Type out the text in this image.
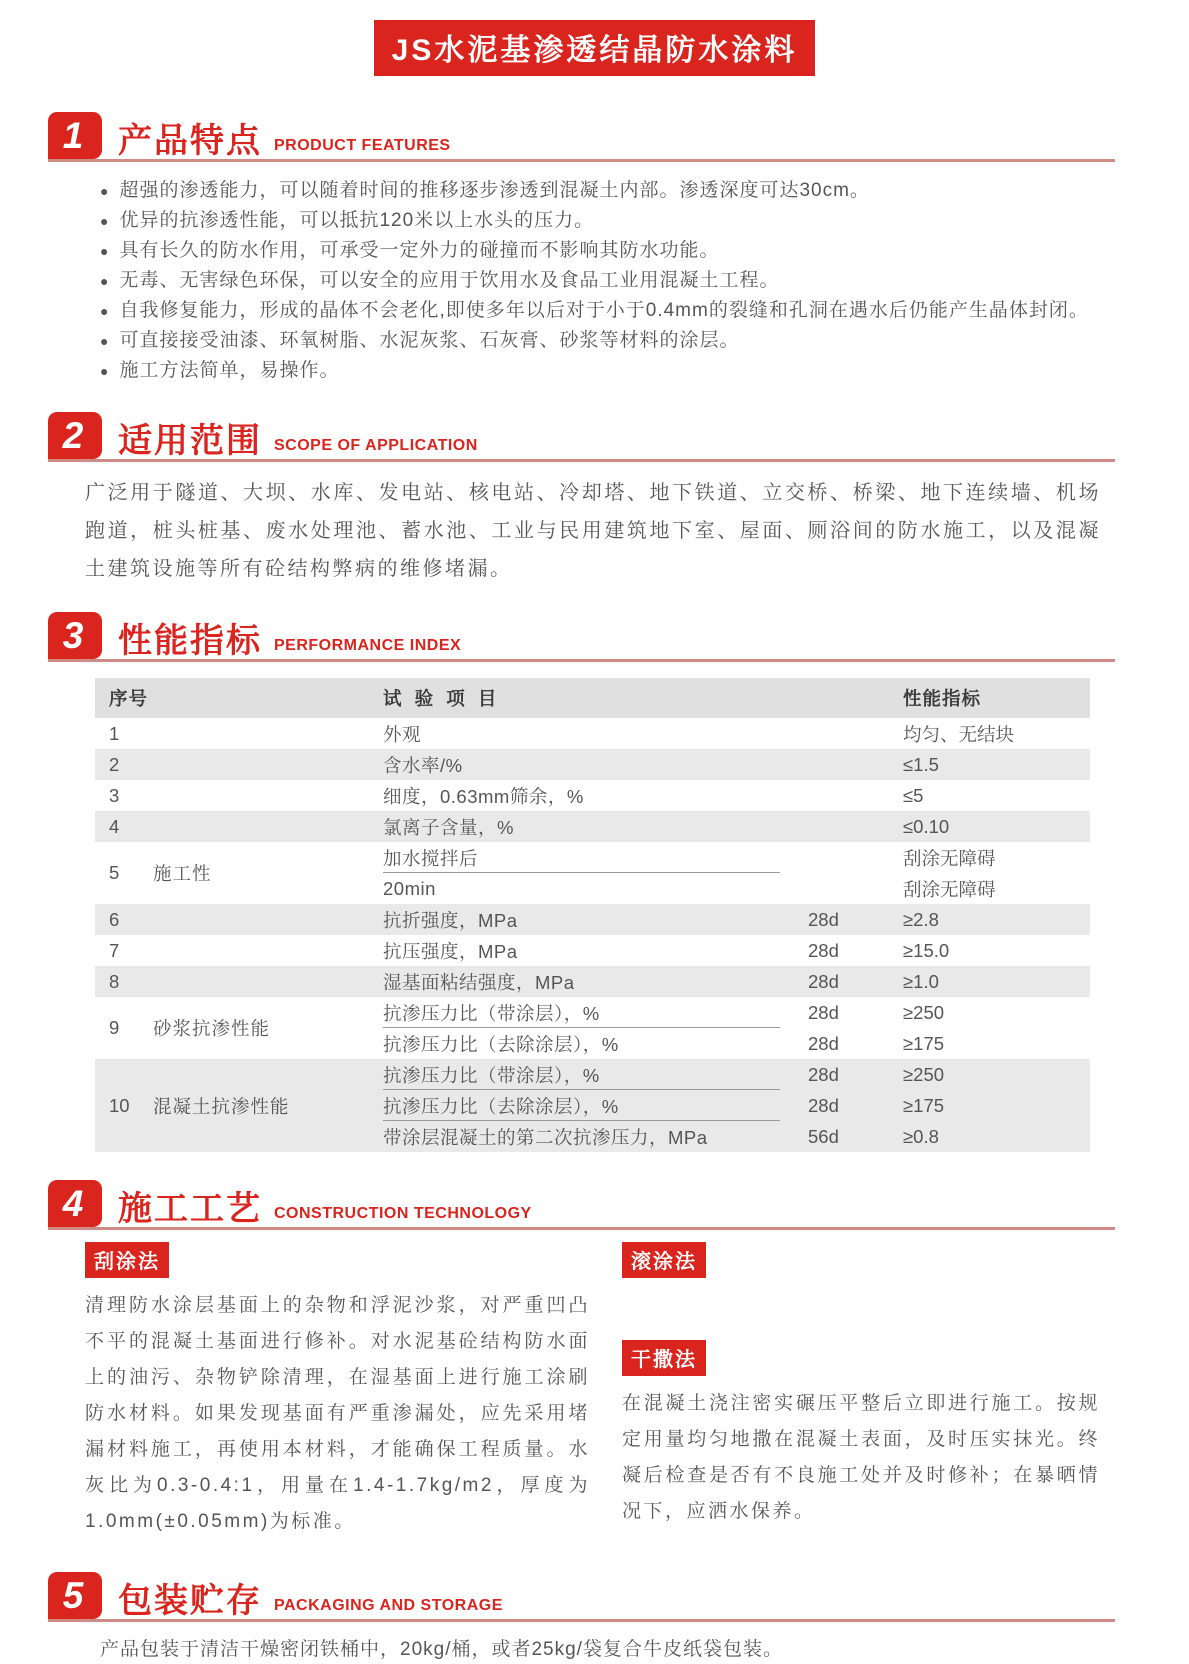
JS水泥基渗透结晶防水涂料
1	产品特点 PRODUCT FEATURES
● 超强的渗透能力，可以随着时间的推移逐步渗透到混凝土内部。渗透深度可达30cm。
● 优异的抗渗透性能，可以抵抗120米以上水头的压力。
● 具有长久的防水作用，可承受一定外力的碰撞而不影响其防水功能。
● 无毒、无害绿色环保，可以安全的应用于饮用水及食品工业用混凝土工程。
● 自我修复能力，形成的晶体不会老化,即使多年以后对于小于0.4mm的裂缝和孔洞在遇水后仍能产生晶体封闭。
● 可直接接受油漆、环氧树脂、水泥灰浆、石灰膏、砂浆等材料的涂层。
● 施工方法简单，易操作。
2	适用范围 SCOPE OF APPLICATION
广泛用于隧道、大坝、水库、发电站、核电站、冷却塔、地下铁道、立交桥、桥梁、地下连续墙、机场跑道，桩头桩基、废水处理池、蓄水池、工业与民用建筑地下室、屋面、厕浴间的防水施工，以及混凝土建筑设施等所有砼结构弊病的维修堵漏。
3	性能指标 PERFORMANCE INDEX
序号	试 验 项 目	性能指标
1	外观	均匀、无结块
2	含水率/%	≤1.5
3	细度，0.63mm筛余，%	≤5
4	氯离子含量，%	≤0.10
5	施工性
加水搅拌后	刮涂无障碍
20min	刮涂无障碍
6	抗折强度，MPa	28d	≥2.8
7	抗压强度，MPa	28d	≥15.0
8	湿基面粘结强度，MPa	28d	≥1.0
9	砂浆抗渗性能
抗渗压力比（带涂层），%	28d	≥250
抗渗压力比（去除涂层），%	28d	≥175
10	混凝土抗渗性能
抗渗压力比（带涂层），%	28d	≥250
抗渗压力比（去除涂层），%	28d	≥175
带涂层混凝土的第二次抗渗压力，MPa	56d	≥0.8
4	施工工艺 CONSTRUCTION TECHNOLOGY
刮涂法
清理防水涂层基面上的杂物和浮泥沙浆，对严重凹凸不平的混凝土基面进行修补。对水泥基砼结构防水面上的油污、杂物铲除清理，在湿基面上进行施工涂刷防水材料。如果发现基面有严重渗漏处，应先采用堵漏材料施工，再使用本材料，才能确保工程质量。水灰比为0.3-0.4:1，用量在1.4-1.7kg/m2，厚度为1.0mm(±0.05mm)为标准。
滚涂法
干撒法
在混凝土浇注密实碾压平整后立即进行施工。按规定用量均匀地撒在混凝土表面，及时压实抹光。终凝后检查是否有不良施工处并及时修补；在暴晒情况下，应洒水保养。
5	包装贮存 PACKAGING AND STORAGE
产品包装于清洁干燥密闭铁桶中，20kg/桶，或者25kg/袋复合牛皮纸袋包装。
